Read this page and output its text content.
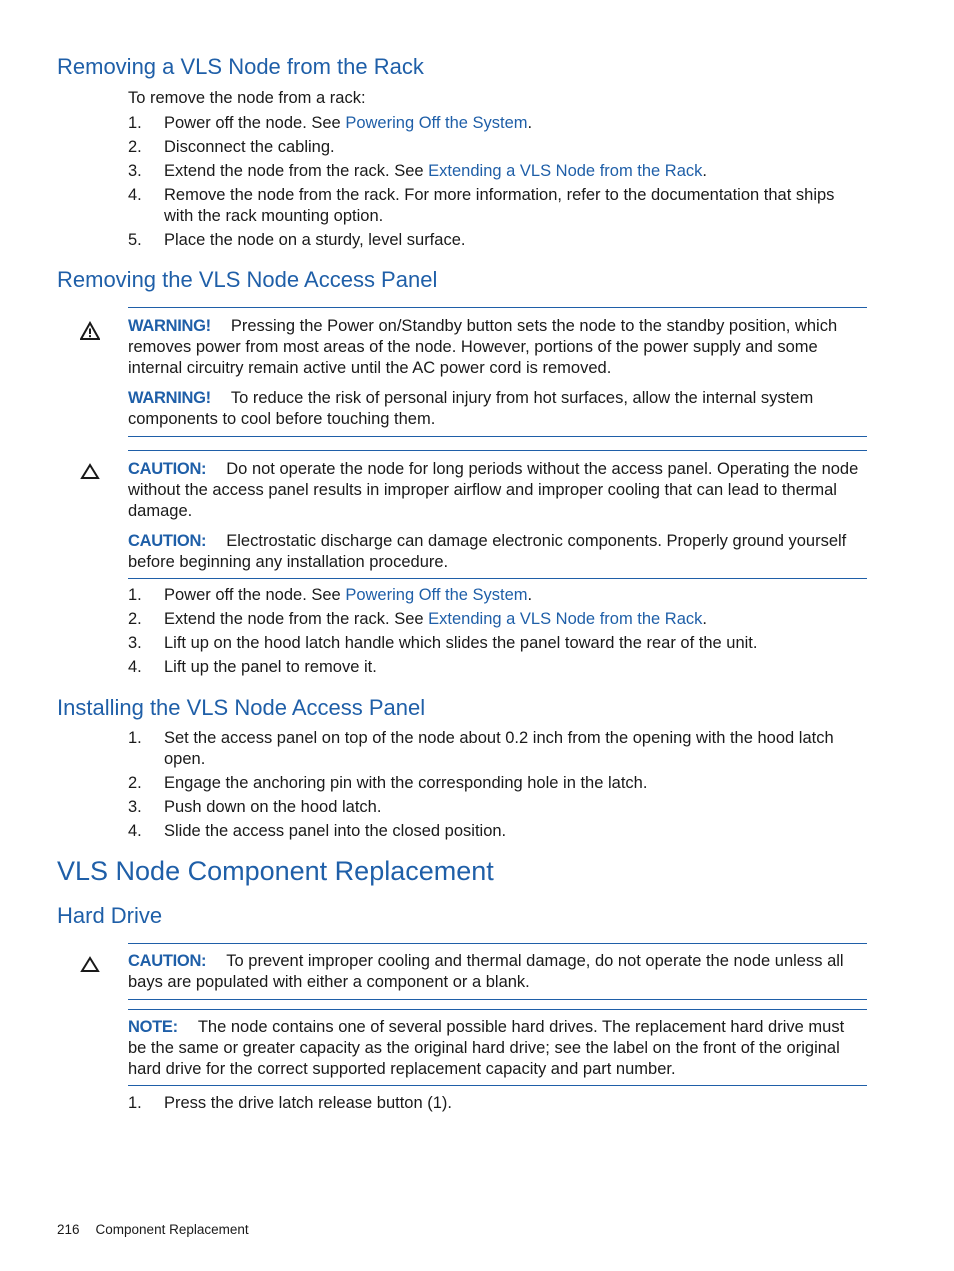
Removing a VLS Node from the Rack

To remove the node from a rack:

1. Power off the node. See Powering Off the System.
2. Disconnect the cabling.
3. Extend the node from the rack. See Extending a VLS Node from the Rack.
4. Remove the node from the rack. For more information, refer to the documentation that ships with the rack mounting option.
5. Place the node on a sturdy, level surface.
Removing the VLS Node Access Panel

WARNING! Pressing the Power on/Standby button sets the node to the standby position, which removes power from most areas of the node. However, portions of the power supply and some internal circuitry remain active until the AC power cord is removed.

WARNING! To reduce the risk of personal injury from hot surfaces, allow the internal system components to cool before touching them.

CAUTION: Do not operate the node for long periods without the access panel. Operating the node without the access panel results in improper airflow and improper cooling that can lead to thermal damage.

CAUTION: Electrostatic discharge can damage electronic components. Properly ground yourself before beginning any installation procedure.

1. Power off the node. See Powering Off the System.
2. Extend the node from the rack. See Extending a VLS Node from the Rack.
3. Lift up on the hood latch handle which slides the panel toward the rear of the unit.
4. Lift up the panel to remove it.
Installing the VLS Node Access Panel
1. Set the access panel on top of the node about 0.2 inch from the opening with the hood latch open.
2. Engage the anchoring pin with the corresponding hole in the latch.
3. Push down on the hood latch.
4. Slide the access panel into the closed position.
VLS Node Component Replacement
Hard Drive

CAUTION: To prevent improper cooling and thermal damage, do not operate the node unless all bays are populated with either a component or a blank.

NOTE: The node contains one of several possible hard drives. The replacement hard drive must be the same or greater capacity as the original hard drive; see the label on the front of the original hard drive for the correct supported replacement capacity and part number.

1. Press the drive latch release button (1).
216 Component Replacement
